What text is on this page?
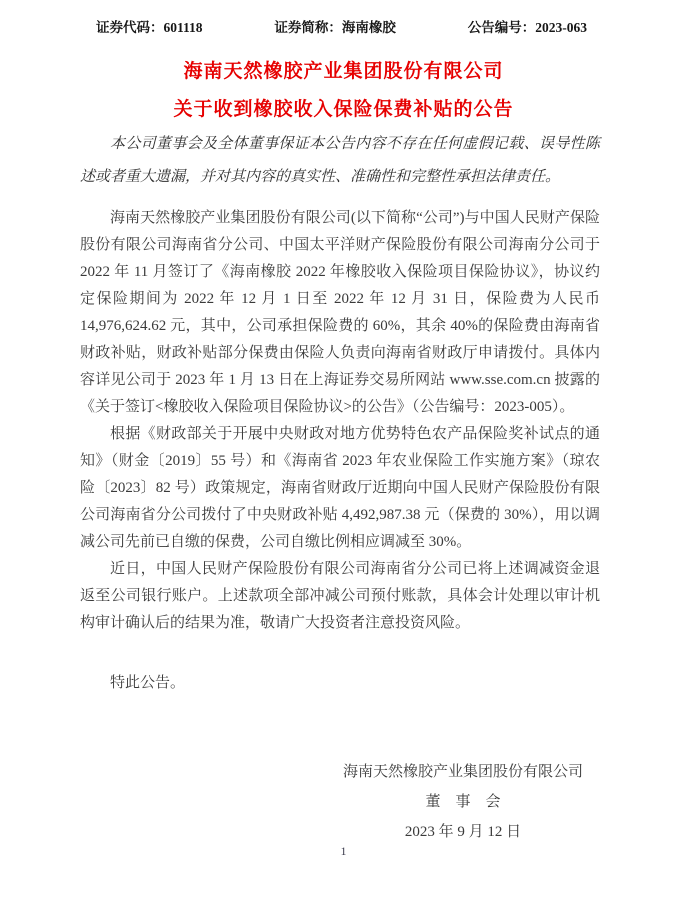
证券代码：601118	证券简称：海南橡胶	公告编号：2023-063
海南天然橡胶产业集团股份有限公司
关于收到橡胶收入保险保费补贴的公告

本公司董事会及全体董事保证本公告内容不存在任何虚假记载、误导性陈述或者重大遗漏，并对其内容的真实性、准确性和完整性承担法律责任。

海南天然橡胶产业集团股份有限公司(以下简称“公司”)与中国人民财产保险股份有限公司海南省分公司、中国太平洋财产保险股份有限公司海南分公司于 2022 年 11 月签订了《海南橡胶 2022 年橡胶收入保险项目保险协议》，协议约定保险期间为 2022 年 12 月 1 日至 2022 年 12 月 31 日，保险费为人民币 14,976,624.62 元，其中，公司承担保险费的 60%，其余 40%的保险费由海南省财政补贴，财政补贴部分保费由保险人负责向海南省财政厅申请拨付。具体内容详见公司于 2023 年 1 月 13 日在上海证券交易所网站 www.sse.com.cn 披露的《关于签订<橡胶收入保险项目保险协议>的公告》（公告编号：2023-005）。

根据《财政部关于开展中央财政对地方优势特色农产品保险奖补试点的通知》（财金〔2019〕55 号）和《海南省 2023 年农业保险工作实施方案》（琼农险〔2023〕82 号）政策规定，海南省财政厅近期向中国人民财产保险股份有限公司海南省分公司拨付了中央财政补贴 4,492,987.38 元（保费的 30%），用以调减公司先前已自缴的保费，公司自缴比例相应调减至 30%。

近日，中国人民财产保险股份有限公司海南省分公司已将上述调减资金退返至公司银行账户。上述款项全部冲减公司预付账款，具体会计处理以审计机构审计确认后的结果为准，敬请广大投资者注意投资风险。

特此公告。

海南天然橡胶产业集团股份有限公司
董　事　会
2023 年 9 月 12 日
1
